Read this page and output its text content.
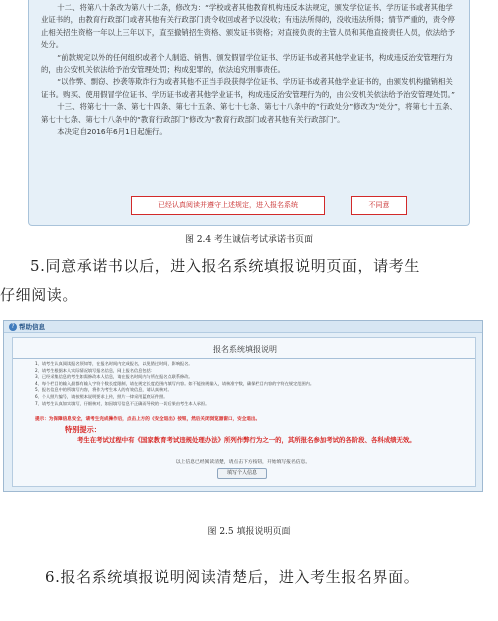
十二、将第八十条改为第八十二条，修改为：“学校或者其他教育机构违反本法规定，颁发学位证书、学历证书或者其他学业证书的，由教育行政部门或者其他有关行政部门责令收回或者予以没收；有违法所得的，没收违法所得；情节严重的，责令停止相关招生资格一年以上三年以下，直至撤销招生资格、颁发证书资格；对直接负责的主管人员和其他直接责任人员，依法给予处分。

“前款规定以外的任何组织或者个人制造、销售、颁发假冒学位证书、学历证书或者其他学业证书，构成违反治安管理行为的，由公安机关依法给予治安管理处罚；构成犯罪的，依法追究刑事责任。

“以作弊、剽窃、抄袭等欺诈行为或者其他不正当手段获得学位证书、学历证书或者其他学业证书的，由颁发机构撤销相关证书。购买、使用假冒学位证书、学历证书或者其他学业证书，构成违反治安管理行为的，由公安机关依法给予治安管理处罚。”

十三、将第七十一条、第七十四条、第七十五条、第七十七条、第七十八条中的“行政处分”修改为“处分”，将第七十五条、第七十七条、第七十八条中的“教育行政部门”修改为“教育行政部门或者其他有关行政部门”。

本决定自2016年6月1日起施行。

已经认真阅读并遵守上述规定，进入报名系统	不同意
图 2.4 考生诚信考试承诺书页面
5.同意承诺书以后，进入报名系统填报说明页面，请考生
仔细阅读。
? 帮助信息
报名系统填报说明
1、请考生认真阅读报名须知等，在报名时间内完成报名，以免错过时间，影响报名。
2、请考生根据本人实际情况填写报名信息，网上报名信息包括：
3、已经采集信息的考生如需修改本人信息，请在报名时间内与所在报名点联系修改。
4、每个栏目的输入最都有输入字符个数长度限制，请在规定长度范围内填写内容。如不能按规输入，请核准字数，确保栏目内容的字符在规定范围内。
5、报名信息中的所填写内容，将作为考生本人的有效信息，请认真核对。
6、个人照片编号，请按照本说明要求上传，照片一律采用蓝底证件照。
7、请考生认真如实填写，仔细核对，如因填写信息不正确而导致的一切后果由考生本人承担。
提示：为保障信息安全，请考生完成操作后，点击上方的《安全退出》按钮，然后关闭浏览器窗口，安全退出。
特别提示：
考生在考试过程中有《国家教育考试违规处理办法》所列作弊行为之一的，其所报名参加考试的各阶段、各科成绩无效。
以上信息已经阅读清楚，请点击下方按钮，开始填写报名信息。
填写个人信息
图 2.5 填报说明页面
6.报名系统填报说明阅读清楚后，进入考生报名界面。
